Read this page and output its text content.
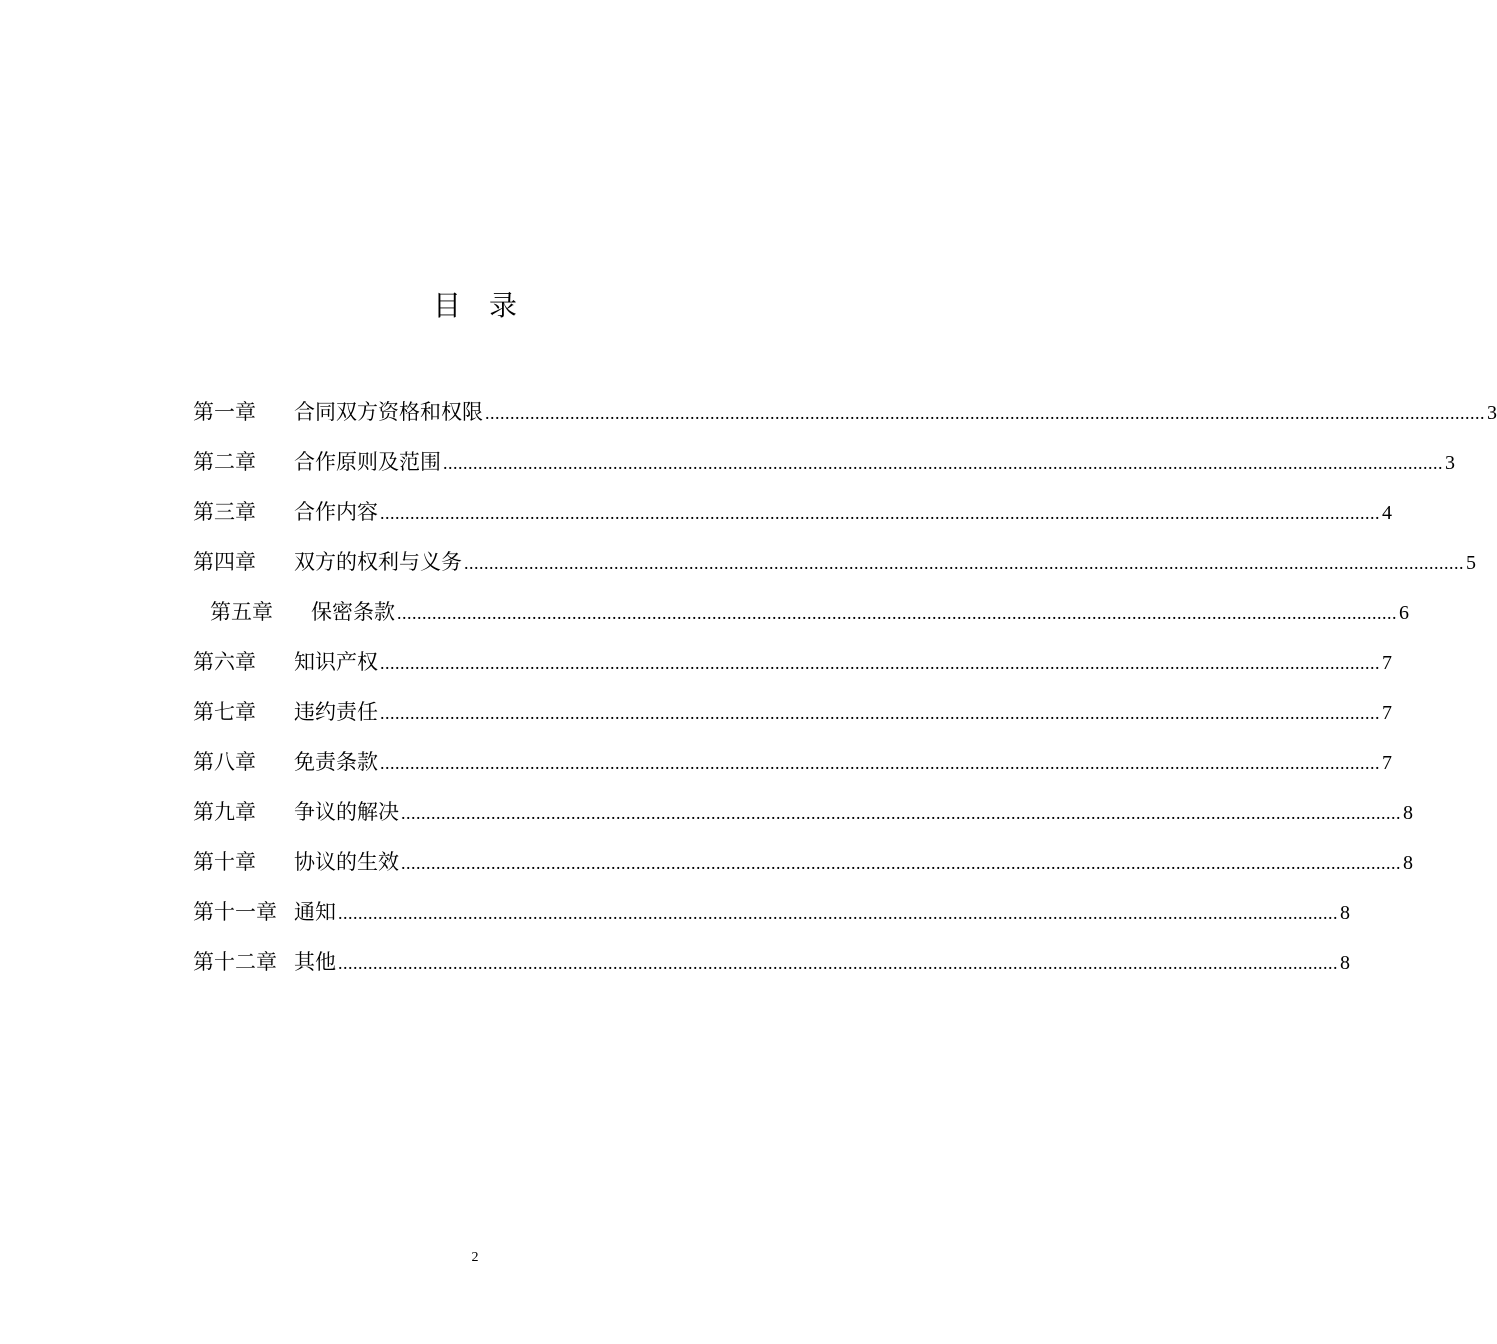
目录
第一章	合同双方资格和权限 ........................................................................................................................................................................................................ 3
第二章	合作原则及范围 ........................................................................................................................................................................................................ 3
第三章	合作内容 ........................................................................................................................................................................................................ 4
第四章	双方的权利与义务 ........................................................................................................................................................................................................ 5
第五章	保密条款 ........................................................................................................................................................................................................ 6
第六章	知识产权 ........................................................................................................................................................................................................ 7
第七章	违约责任 ........................................................................................................................................................................................................ 7
第八章	免责条款 ........................................................................................................................................................................................................ 7
第九章	争议的解决 ........................................................................................................................................................................................................ 8
第十章	协议的生效 ........................................................................................................................................................................................................ 8
第十一章 通知 ........................................................................................................................................................................................................ 8
第十二章 其他 ........................................................................................................................................................................................................ 8
2
